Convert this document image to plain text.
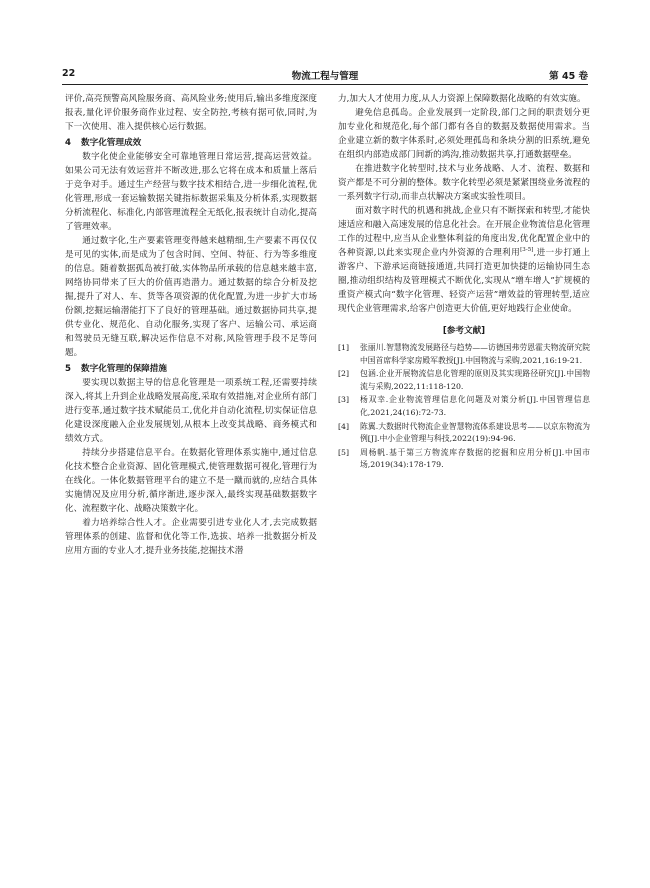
22	物流工程与管理	第 45 卷

评价,高亮预警高风险服务商、高风险业务;使用后,输出多维度深度报表,量化评价服务商作业过程、安全防控,考核有据可依,同时,为下一次使用、准入提供核心运行数据。

4 数字化管理成效

数字化使企业能够安全可靠地管理日常运营,提高运营效益。如果公司无法有效运营并不断改进,那么它将在成本和质量上落后于竞争对手。通过生产经营与数字技术相结合,进一步细化流程,优化管理,形成一套运输数据关键指标数据采集及分析体系,实现数据分析流程化、标准化,内部管理流程全无纸化,报表统计自动化,提高了管理效率。

通过数字化,生产要素管理变得越来越精细,生产要素不再仅仅是可见的实体,而是成为了包含时间、空间、特征、行为等多维度的信息。随着数据孤岛被打破,实体物品所承载的信息越来越丰富,网络协同带来了巨大的价值再造潜力。通过数据的综合分析及挖掘,提升了对人、车、货等各项资源的优化配置,为进一步扩大市场份额,挖掘运输潜能打下了良好的管理基础。通过数据协同共享,提供专业化、规范化、自动化服务,实现了客户、运输公司、承运商和驾驶员无缝互联,解决运作信息不对称,风险管理手段不足等问题。

5 数字化管理的保障措施

要实现以数据主导的信息化管理是一项系统工程,还需要持续深入,将其上升到企业战略发展高度,采取有效措施,对企业所有部门进行变革,通过数字技术赋能员工,优化并自动化流程,切实保证信息化建设深度融入企业发展规划,从根本上改变其战略、商务模式和绩效方式。

持续分步搭建信息平台。在数据化管理体系实施中,通过信息化技术整合企业资源、固化管理模式,使管理数据可视化,管理行为在线化。一体化数据管理平台的建立不是一蹴而就的,应结合具体实施情况及应用分析,循序渐进,逐步深入,最终实现基础数据数字化、流程数字化、战略决策数字化。

着力培养综合性人才。企业需要引进专业化人才,去完成数据管理体系的创建、监督和优化等工作,选拔、培养一批数据分析及应用方面的专业人才,提升业务技能,挖掘技术潜

力,加大人才使用力度,从人力资源上保障数据化战略的有效实施。

避免信息孤岛。企业发展到一定阶段,部门之间的职责划分更加专业化和规范化,每个部门都有各自的数据及数据使用需求。当企业建立新的数字体系时,必须处理孤岛和条块分割的旧系统,避免在组织内部造成部门间新的鸿沟,推动数据共享,打通数据壁垒。

在推进数字化转型时,技术与业务战略、人才、流程、数据和资产都是不可分割的整体。数字化转型必须是紧紧围绕业务流程的一系列数字行动,而非点状解决方案或实验性项目。

面对数字时代的机遇和挑战,企业只有不断探索和转型,才能快速适应和融入高速发展的信息化社会。在开展企业物流信息化管理工作的过程中,应当从企业整体利益的角度出发,优化配置企业中的各种资源,以此来实现企业内外资源的合理利用[3-5],进一步打通上游客户、下游承运商链接通道,共同打造更加快捷的运输协同生态圈,推动组织结构及管理模式不断优化,实现从“增车增人”扩规模的重资产模式向“数字化管理、轻资产运营”增效益的管理转型,适应现代企业管理需求,给客户创造更大价值,更好地践行企业使命。

[参考文献]
[1] 张丽川.智慧物流发展路径与趋势——访德国弗劳恩霍夫物流研究院中国首席科学家房殿军教授[J].中国物流与采购,2021,16:19-21.
[2] 包涵.企业开展物流信息化管理的原则及其实现路径研究[J].中国物流与采购,2022,11:118-120.
[3] 杨双幸.企业物流管理信息化问题及对策分析[J].中国管理信息化,2021,24(16):72-73.
[4] 陈翼.大数据时代物流企业智慧物流体系建设思考——以京东物流为例[J].中小企业管理与科技,2022(19):94-96.
[5] 周杨帆.基于第三方物流库存数据的挖掘和应用分析[J].中国市场,2019(34):178-179.
